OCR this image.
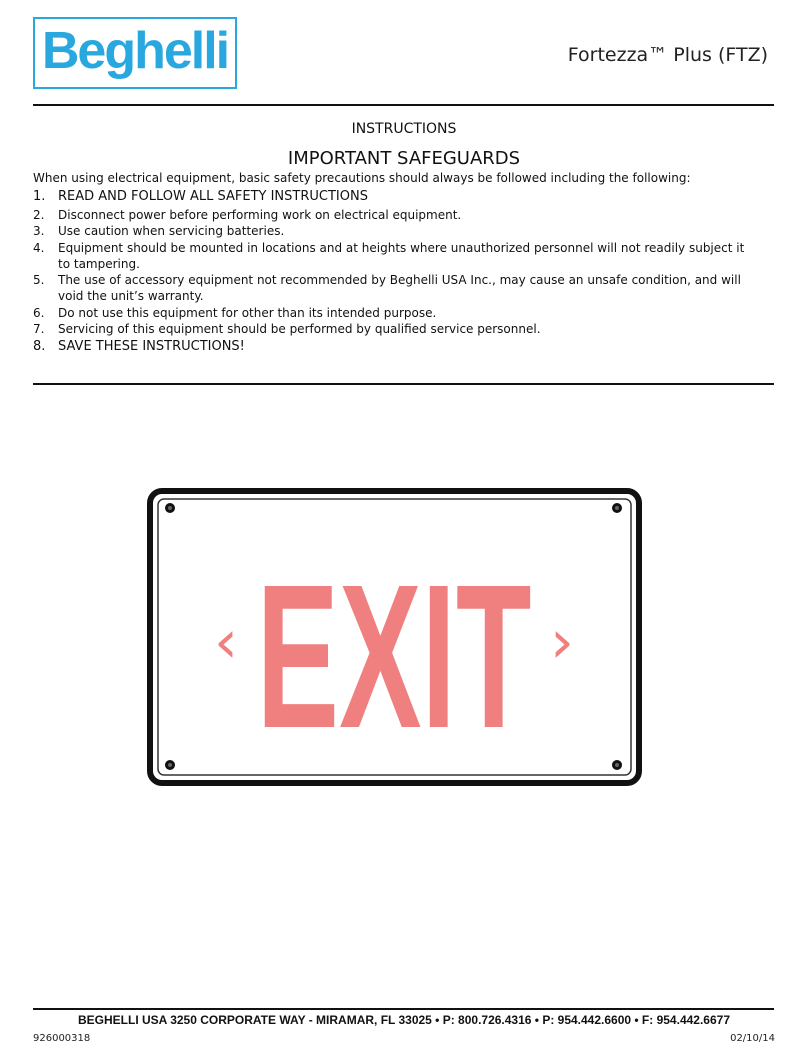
Beghelli	Fortezza™ Plus (FTZ)
INSTRUCTIONS
IMPORTANT SAFEGUARDS
When using electrical equipment, basic safety precautions should always be followed including the following:
1. READ AND FOLLOW ALL SAFETY INSTRUCTIONS
2. Disconnect power before performing work on electrical equipment.
3. Use caution when servicing batteries.
4. Equipment should be mounted in locations and at heights where unauthorized personnel will not readily subject it to tampering.
5. The use of accessory equipment not recommended by Beghelli USA Inc., may cause an unsafe condition, and will void the unit’s warranty.
6. Do not use this equipment for other than its intended purpose.
7. Servicing of this equipment should be performed by qualified service personnel.
8. SAVE THESE INSTRUCTIONS!
‹ EXIT ›
BEGHELLI USA 3250 CORPORATE WAY - MIRAMAR, FL 33025 • P: 800.726.4316 • P: 954.442.6600 • F: 954.442.6677
926000318	02/10/14
